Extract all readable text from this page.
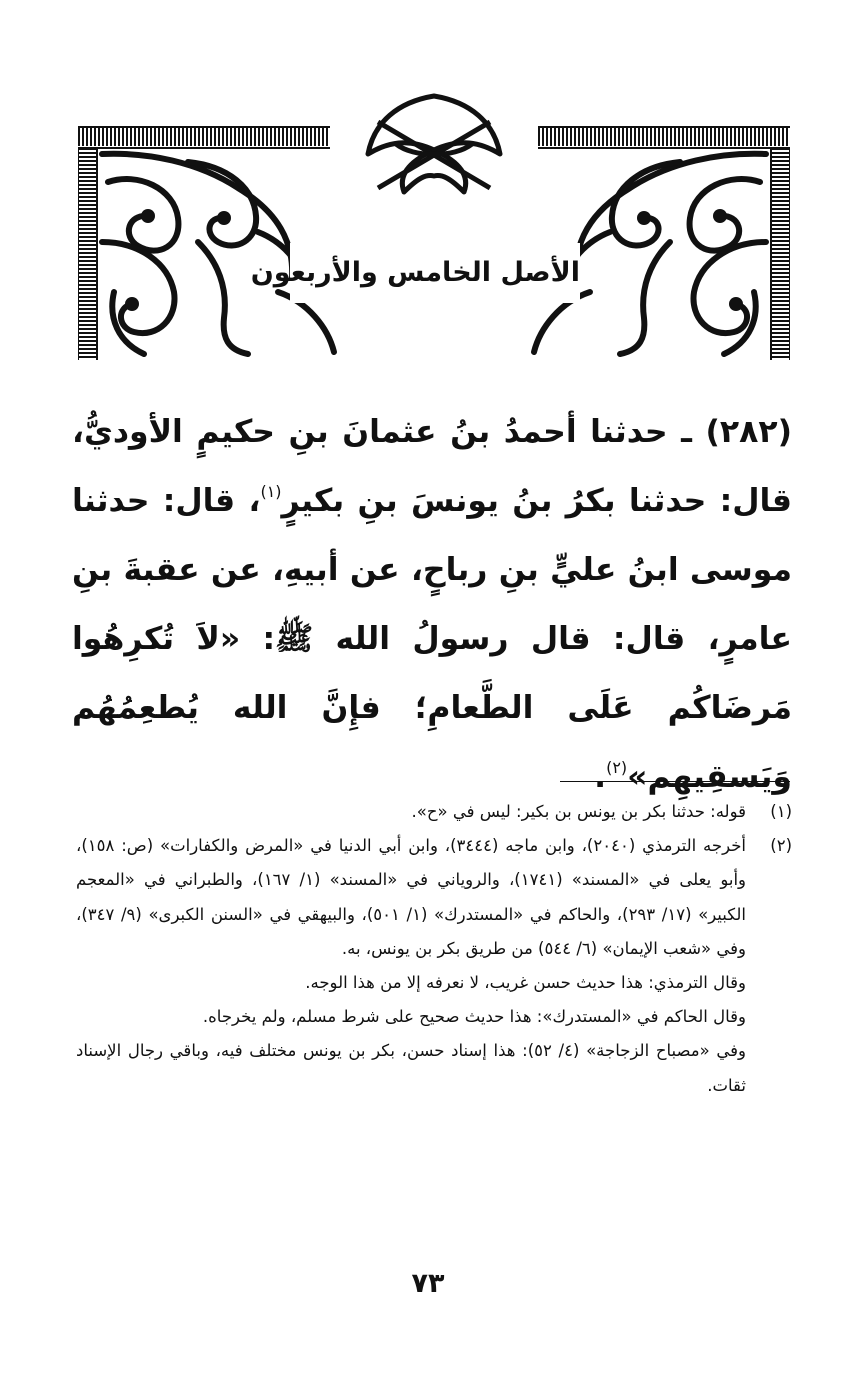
الأصل الخامس والأربعون
(٢٨٢) ـ حدثنا أحمدُ بنُ عثمانَ بنِ حكيمٍ الأوديُّ، قال: حدثنا بكرُ بنُ يونسَ بنِ بكيرٍ$^{(١)}$، قال: حدثنا موسى ابنُ عليٍّ بنِ رباحٍ، عن أبيهِ، عن عقبةَ بنِ عامرٍ، قال: قال رسولُ الله ﷺ: «لاَ تُكرِهُوا مَرضَاكُم عَلَى الطَّعامِ؛ فإِنَّ الله يُطعِمُهُم وَيَسقِيهِم»$^{(٢)}$.
(١)
قوله: حدثنا بكر بن يونس بن بكير: ليس في «ح».
(٢)
أخرجه الترمذي (٢٠٤٠)، وابن ماجه (٣٤٤٤)، وابن أبي الدنيا في «المرض والكفارات» (ص: ١٥٨)، وأبو يعلى في «المسند» (١٧٤١)، والروياني في «المسند» (١/ ١٦٧)، والطبراني في «المعجم الكبير» (١٧/ ٢٩٣)، والحاكم في «المستدرك» (١/ ٥٠١)، والبيهقي في «السنن الكبرى» (٩/ ٣٤٧)، وفي «شعب الإيمان» (٦/ ٥٤٤) من طريق بكر بن يونس، به.
وقال الترمذي: هذا حديث حسن غريب، لا نعرفه إلا من هذا الوجه.
وقال الحاكم في «المستدرك»: هذا حديث صحيح على شرط مسلم، ولم يخرجاه.
وفي «مصباح الزجاجة» (٤/ ٥٢): هذا إسناد حسن، بكر بن يونس مختلف فيه، وباقي رجال الإسناد ثقات.
٧٣
